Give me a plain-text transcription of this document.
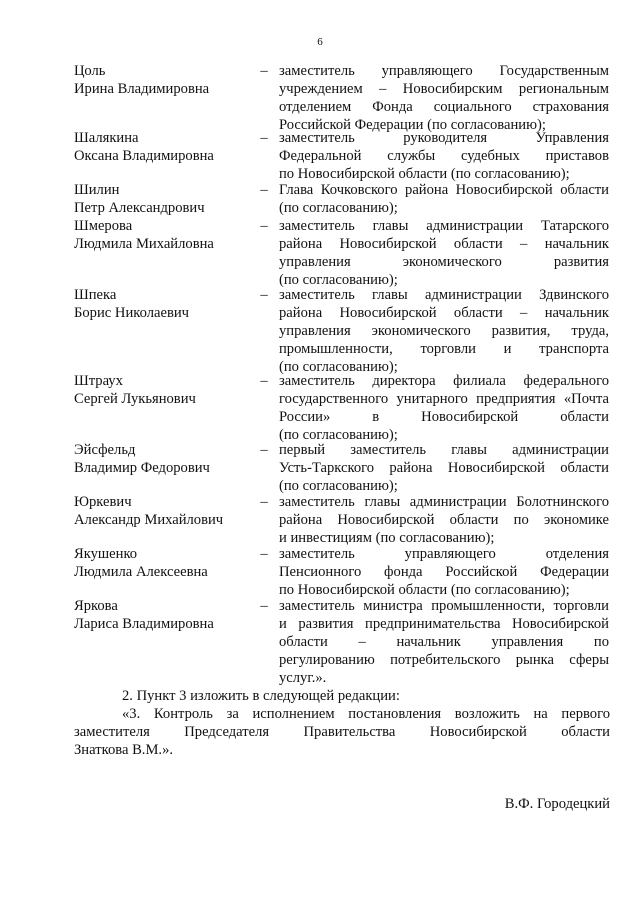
6
Цоль
Ирина Владимировна
– заместитель управляющего Государственным
учреждением – Новосибирским региональным
отделением Фонда социального страхования
Российской Федерации (по согласованию);
Шалякина
Оксана Владимировна
– заместитель руководителя Управления
Федеральной службы судебных приставов
по Новосибирской области (по согласованию);
Шилин
Петр Александрович
– Глава Кочковского района Новосибирской области
(по согласованию);
Шмерова
Людмила Михайловна
– заместитель главы администрации Татарского
района Новосибирской области – начальник
управления экономического развития
(по согласованию);
Шпека
Борис Николаевич
– заместитель главы администрации Здвинского
района Новосибирской области – начальник
управления экономического развития, труда,
промышленности, торговли и транспорта
(по согласованию);
Штраух
Сергей Лукьянович
– заместитель директора филиала федерального
государственного унитарного предприятия «Почта
России» в Новосибирской области
(по согласованию);
Эйсфельд
Владимир Федорович
– первый заместитель главы администрации
Усть-Таркского района Новосибирской области
(по согласованию);
Юркевич
Александр Михайлович
– заместитель главы администрации Болотнинского
района Новосибирской области по экономике
и инвестициям (по согласованию);
Якушенко
Людмила Алексеевна
– заместитель управляющего отделения
Пенсионного фонда Российской Федерации
по Новосибирской области (по согласованию);
Яркова
Лариса Владимировна
– заместитель министра промышленности, торговли
и развития предпринимательства Новосибирской
области – начальник управления по
регулированию потребительского рынка сферы
услуг.».
2. Пункт 3 изложить в следующей редакции:
«3. Контроль за исполнением постановления возложить на первого
заместителя Председателя Правительства Новосибирской области
Знаткова В.М.».
В.Ф. Городецкий
